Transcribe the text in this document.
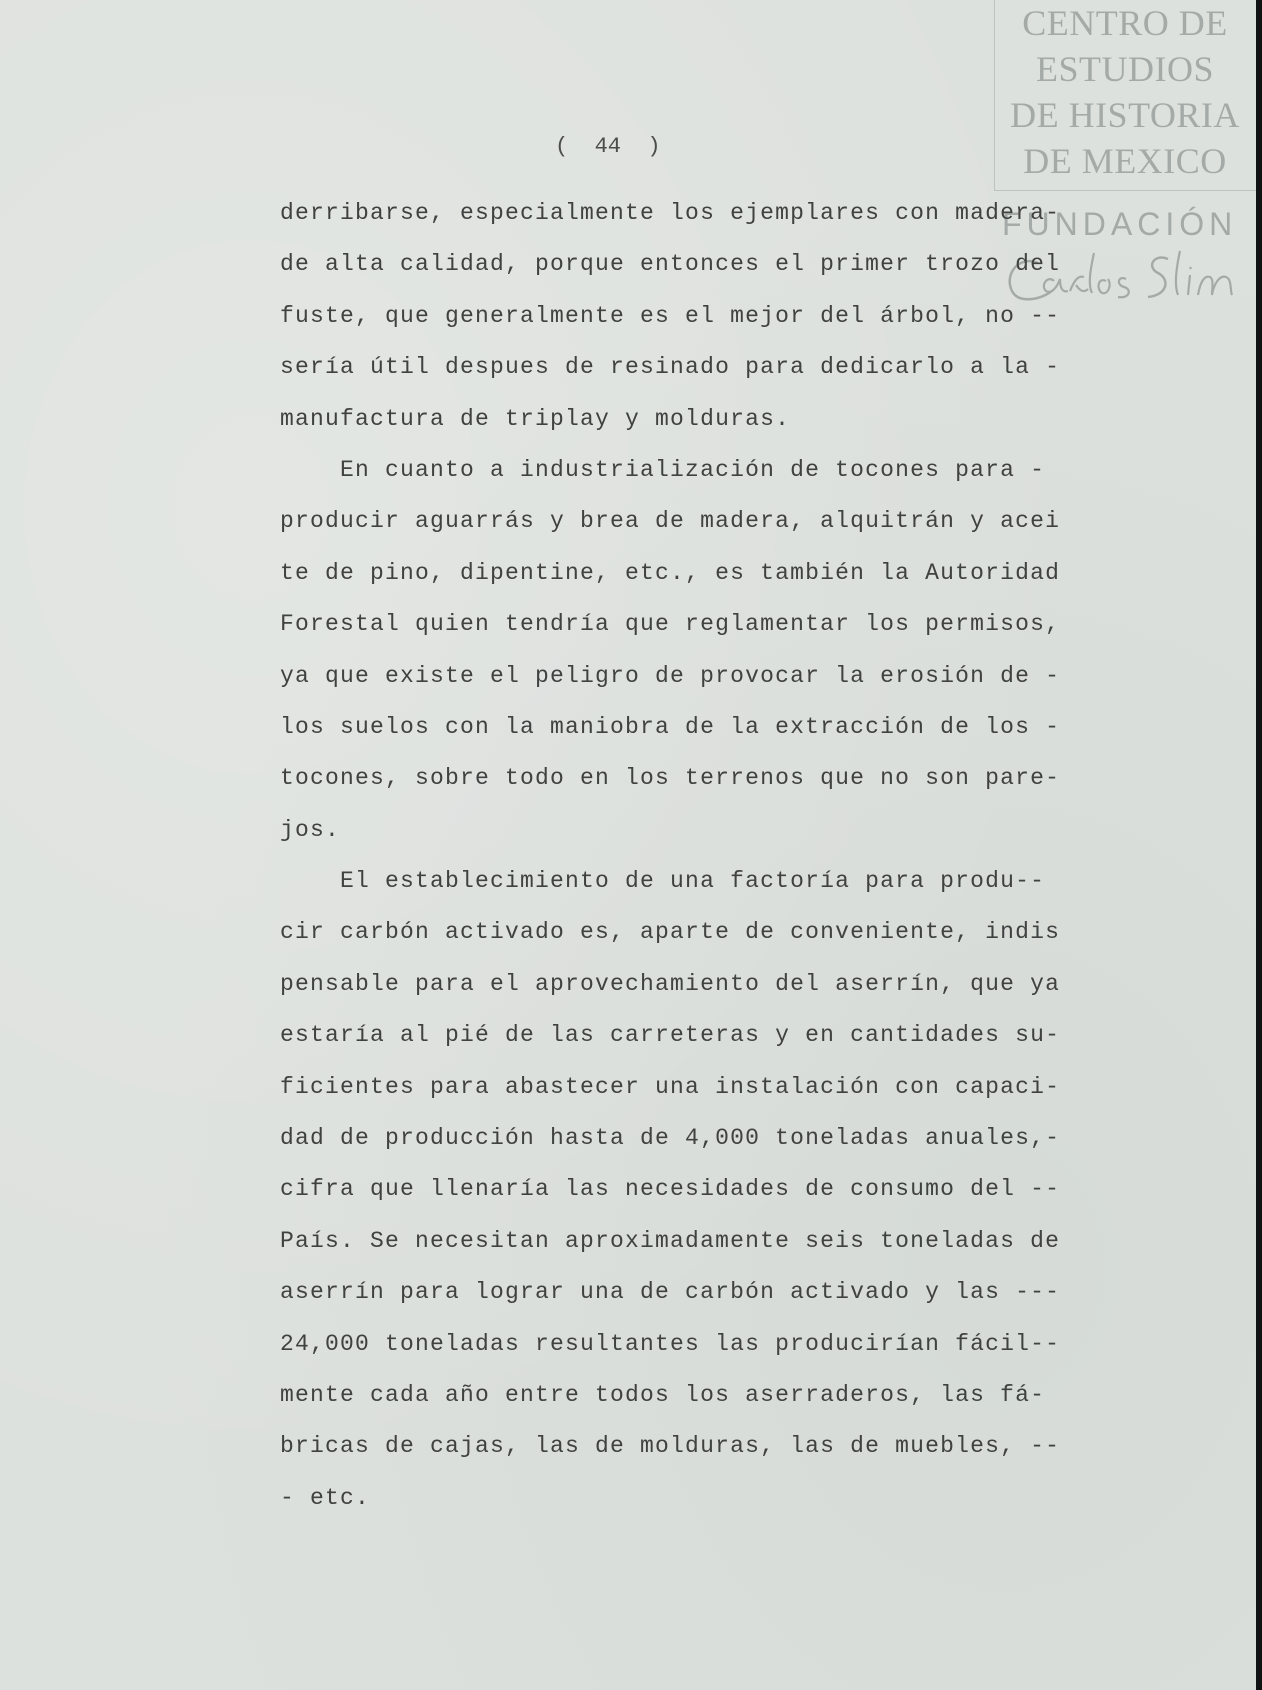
CENTRO DE
ESTUDIOS
DE HISTORIA
DE MEXICO
FUNDACIÓN
(  44  )
derribarse, especialmente los ejemplares con madera-
de alta calidad, porque entonces el primer trozo del
fuste, que generalmente es el mejor del árbol, no --
sería útil despues de resinado para dedicarlo a la -
manufactura de triplay y molduras.
En cuanto a industrialización de tocones para -
producir aguarrás y brea de madera, alquitrán y acei
te de pino, dipentine, etc., es también la Autoridad
Forestal quien tendría que reglamentar los permisos,
ya que existe el peligro de provocar la erosión de -
los suelos con la maniobra de la extracción de los -
tocones, sobre todo en los terrenos que no son pare-
jos.
El establecimiento de una factoría para produ--
cir carbón activado es, aparte de conveniente, indis
pensable para el aprovechamiento del aserrín, que ya
estaría al pié de las carreteras y en cantidades su-
ficientes para abastecer una instalación con capaci-
dad de producción hasta de 4,000 toneladas anuales,-
cifra que llenaría las necesidades de consumo del --
País. Se necesitan aproximadamente seis toneladas de
aserrín para lograr una de carbón activado y las ---
24,000 toneladas resultantes las producirían fácil--
mente cada año entre todos los aserraderos, las fá-
bricas de cajas, las de molduras, las de muebles, --
- etc.
